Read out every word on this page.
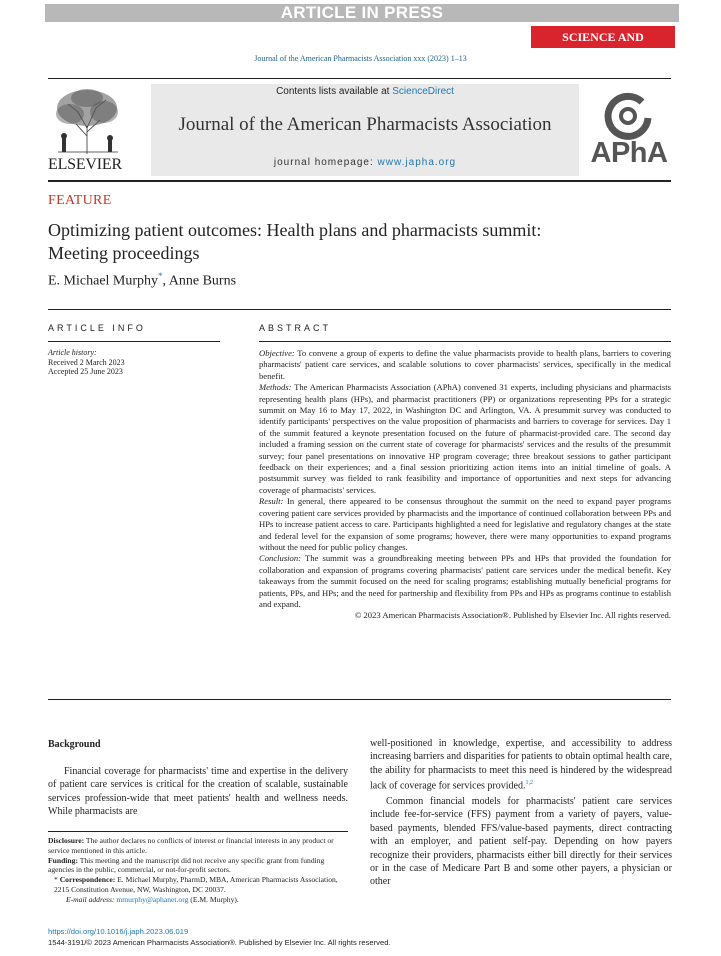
ARTICLE IN PRESS
SCIENCE AND PRACTICE
Journal of the American Pharmacists Association xxx (2023) 1–13
ELSEVIER
Contents lists available at ScienceDirect
Journal of the American Pharmacists Association
journal homepage: www.japha.org	APhA
FEATURE
Optimizing patient outcomes: Health plans and pharmacists summit: Meeting proceedings
E. Michael Murphy*, Anne Burns
ARTICLE INFO
Article history:
Received 2 March 2023
Accepted 25 June 2023
ABSTRACT

Objective: To convene a group of experts to define the value pharmacists provide to health plans, barriers to covering pharmacists' patient care services, and scalable solutions to cover pharmacists' services, specifically in the medical benefit.

Methods: The American Pharmacists Association (APhA) convened 31 experts, including physicians and pharmacists representing health plans (HPs), and pharmacist practitioners (PP) or organizations representing PPs for a strategic summit on May 16 to May 17, 2022, in Washington DC and Arlington, VA. A presummit survey was conducted to identify participants' perspectives on the value proposition of pharmacists and barriers to coverage for services. Day 1 of the summit featured a keynote presentation focused on the future of pharmacist-provided care. The second day included a framing session on the current state of coverage for pharmacists' services and the results of the presummit survey; four panel presentations on innovative HP program coverage; three breakout sessions to gather participant feedback on their experiences; and a final session prioritizing action items into an initial timeline of goals. A postsummit survey was fielded to rank feasibility and importance of opportunities and next steps for advancing coverage of pharmacists' services.

Result: In general, there appeared to be consensus throughout the summit on the need to expand payer programs covering patient care services provided by pharmacists and the importance of continued collaboration between PPs and HPs to increase patient access to care. Participants highlighted a need for legislative and regulatory changes at the state and federal level for the expansion of some programs; however, there were many opportunities to expand programs without the need for public policy changes.

Conclusion: The summit was a groundbreaking meeting between PPs and HPs that provided the foundation for collaboration and expansion of programs covering pharmacists' patient care services under the medical benefit. Key takeaways from the summit focused on the need for scaling programs; establishing mutually beneficial programs for patients, PPs, and HPs; and the need for partnership and flexibility from PPs and HPs as programs continue to establish and expand.

© 2023 American Pharmacists Association®. Published by Elsevier Inc. All rights reserved.

Background
Financial coverage for pharmacists' time and expertise in the delivery of patient care services is critical for the creation of scalable, sustainable services profession-wide that meet patients' health and wellness needs. While pharmacists are

well-positioned in knowledge, expertise, and accessibility to address increasing barriers and disparities for patients to obtain optimal health care, the ability for pharmacists to meet this need is hindered by the widespread lack of coverage for services provided.$^{1,2}$

Common financial models for pharmacists' patient care services include fee-for-service (FFS) payment from a variety of payers, value-based payments, blended FFS/value-based payments, direct contracting with an employer, and patient self-pay. Depending on how payers recognize their providers, pharmacists either bill directly for their services or in the case of Medicare Part B and some other payers, a physician or other

Disclosure: The author declares no conflicts of interest or financial interests in any product or service mentioned in this article.
Funding: This meeting and the manuscript did not receive any specific grant from funding agencies in the public, commercial, or not-for-profit sectors.
* Correspondence: E. Michael Murphy, PharmD, MBA, American Pharmacists Association, 2215 Constitution Avenue, NW, Washington, DC 20037.
E-mail address: mmurphy@aphanet.org (E.M. Murphy).
https://doi.org/10.1016/j.japh.2023.06.019
1544-3191/© 2023 American Pharmacists Association®. Published by Elsevier Inc. All rights reserved.
